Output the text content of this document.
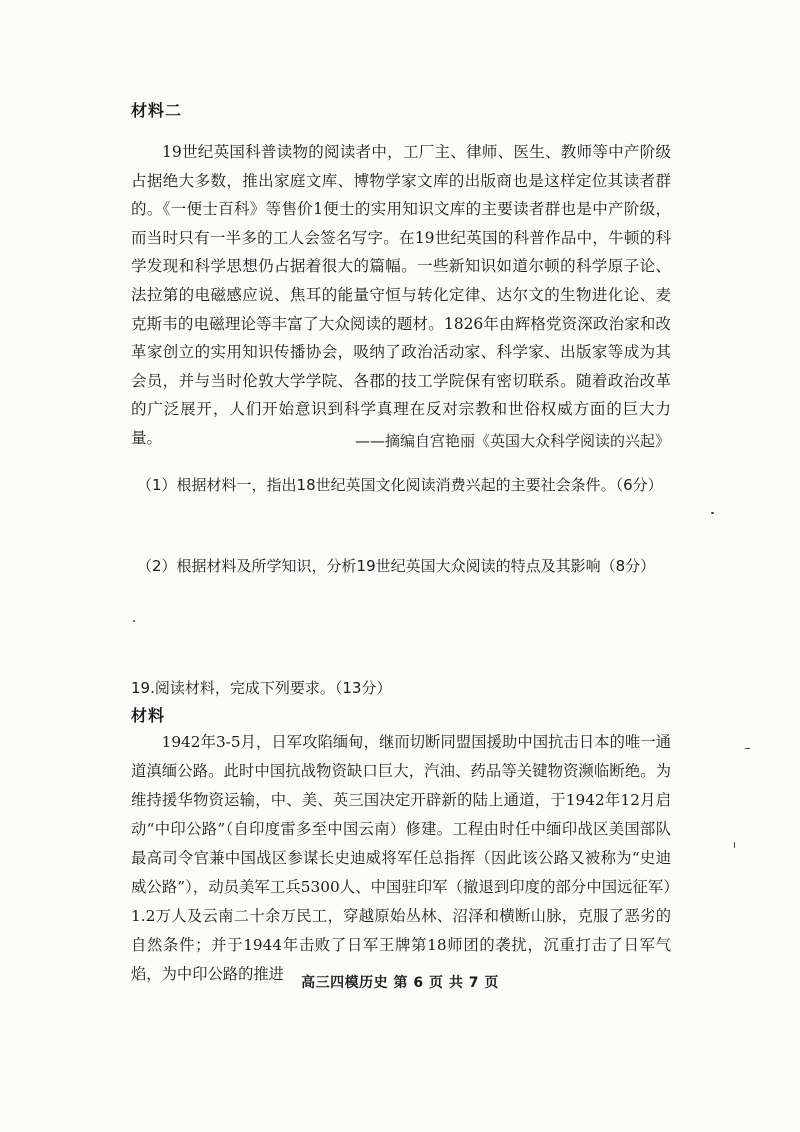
材料二

19世纪英国科普读物的阅读者中，工厂主、律师、医生、教师等中产阶级占据绝大多数，推出家庭文库、博物学家文库的出版商也是这样定位其读者群的。《一便士百科》等售价1便士的实用知识文库的主要读者群也是中产阶级，而当时只有一半多的工人会签名写字。在19世纪英国的科普作品中，牛顿的科学发现和科学思想仍占据着很大的篇幅。一些新知识如道尔顿的科学原子论、法拉第的电磁感应说、焦耳的能量守恒与转化定律、达尔文的生物进化论、麦克斯韦的电磁理论等丰富了大众阅读的题材。1826年由辉格党资深政治家和改革家创立的实用知识传播协会，吸纳了政治活动家、科学家、出版家等成为其会员，并与当时伦敦大学学院、各郡的技工学院保有密切联系。随着政治改革的广泛展开，人们开始意识到科学真理在反对宗教和世俗权威方面的巨大力量。	——摘编自宫艳丽《英国大众科学阅读的兴起》
（1）根据材料一，指出18世纪英国文化阅读消费兴起的主要社会条件。（6分）
（2）根据材料及所学知识，分析19世纪英国大众阅读的特点及其影响（8分）
19.阅读材料，完成下列要求。（13分）
材料

1942年3-5月，日军攻陷缅甸，继而切断同盟国援助中国抗击日本的唯一通道滇缅公路。此时中国抗战物资缺口巨大，汽油、药品等关键物资濒临断绝。为维持援华物资运输，中、美、英三国决定开辟新的陆上通道，于1942年12月启动“中印公路”（自印度雷多至中国云南）修建。工程由时任中缅印战区美国部队最高司令官兼中国战区参谋长史迪威将军任总指挥（因此该公路又被称为“史迪威公路”），动员美军工兵5300人、中国驻印军（撤退到印度的部分中国远征军）1.2万人及云南二十余万民工，穿越原始丛林、沼泽和横断山脉，克服了恶劣的自然条件；并于1944年击败了日军王牌第18师团的袭扰，沉重打击了日军气焰，为中印公路的推进	高三四模历史 第 6 页 共 7 页
